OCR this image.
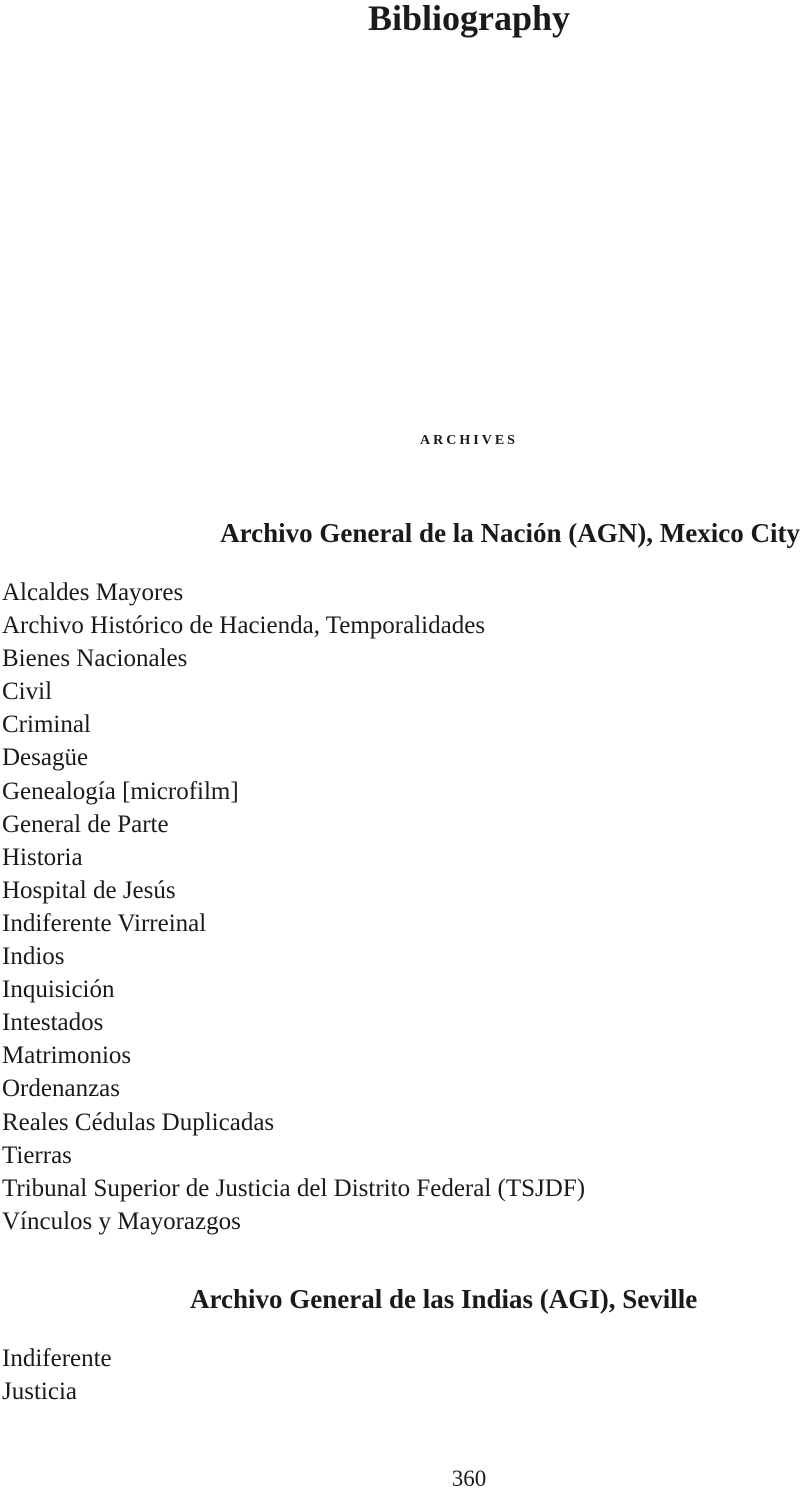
Bibliography
archives
Archivo General de la Nación (AGN), Mexico City
Alcaldes Mayores
Archivo Histórico de Hacienda, Temporalidades
Bienes Nacionales
Civil
Criminal
Desagüe
Genealogía [microfilm]
General de Parte
Historia
Hospital de Jesús
Indiferente Virreinal
Indios
Inquisición
Intestados
Matrimonios
Ordenanzas
Reales Cédulas Duplicadas
Tierras
Tribunal Superior de Justicia del Distrito Federal (TSJDF)
Vínculos y Mayorazgos
Archivo General de las Indias (AGI), Seville
Indiferente
Justicia
360
